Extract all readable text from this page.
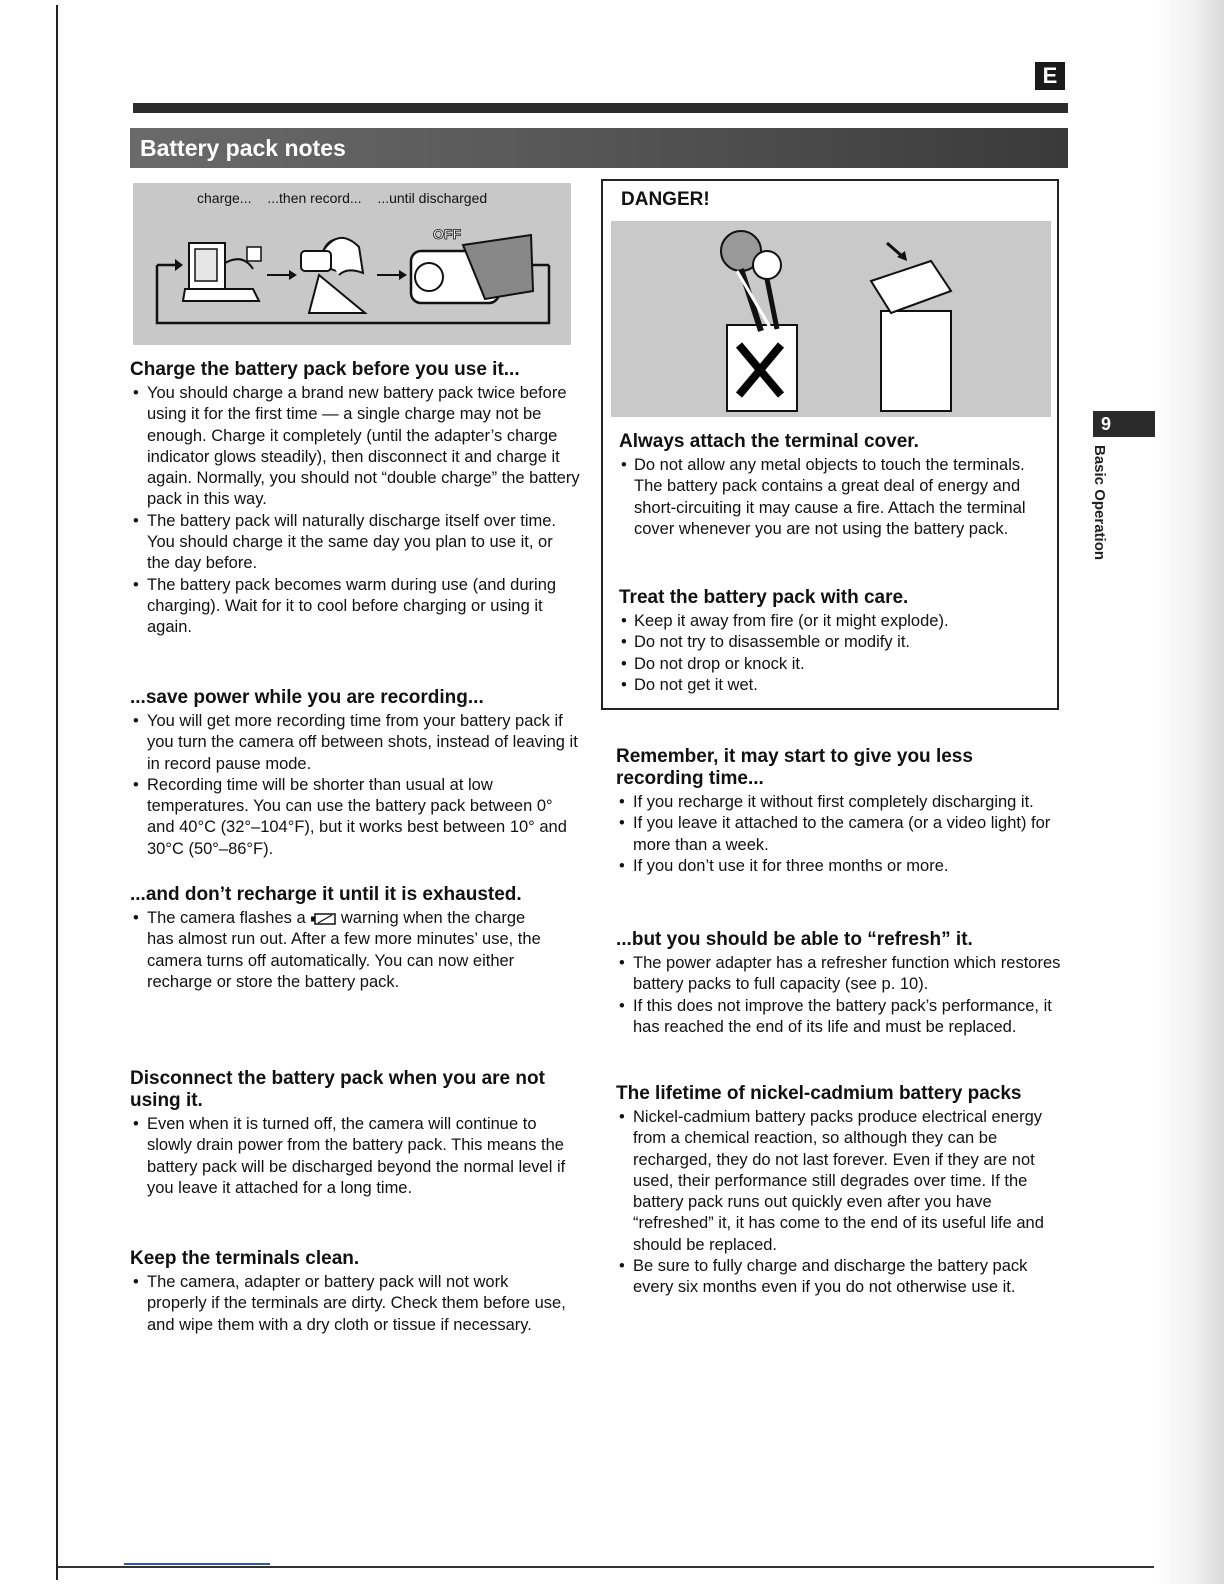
E
Battery pack notes
9
Basic Operation
charge... ...then record... ...until discharged
OFF
DANGER!
Always attach the terminal cover.
• Do not allow any metal objects to touch the terminals. The battery pack contains a great deal of energy and short-circuiting it may cause a fire. Attach the terminal cover whenever you are not using the battery pack.
Treat the battery pack with care.
• Keep it away from fire (or it might explode).
• Do not try to disassemble or modify it.
• Do not drop or knock it.
• Do not get it wet.
Charge the battery pack before you use it...
• You should charge a brand new battery pack twice before using it for the first time — a single charge may not be enough. Charge it completely (until the adapter’s charge indicator glows steadily), then disconnect it and charge it again. Normally, you should not “double charge” the battery pack in this way.
• The battery pack will naturally discharge itself over time. You should charge it the same day you plan to use it, or the day before.
• The battery pack becomes warm during use (and during charging). Wait for it to cool before charging or using it again.
...save power while you are recording...
• You will get more recording time from your battery pack if you turn the camera off between shots, instead of leaving it in record pause mode.
• Recording time will be shorter than usual at low temperatures. You can use the battery pack between 0° and 40°C (32°–104°F), but it works best between 10° and 30°C (50°–86°F).
...and don’t recharge it until it is exhausted.
• The camera flashes a warning when the charge has almost run out. After a few more minutes’ use, the camera turns off automatically. You can now either recharge or store the battery pack.
Disconnect the battery pack when you are not using it.
• Even when it is turned off, the camera will continue to slowly drain power from the battery pack. This means the battery pack will be discharged beyond the normal level if you leave it attached for a long time.
Keep the terminals clean.
• The camera, adapter or battery pack will not work properly if the terminals are dirty. Check them before use, and wipe them with a dry cloth or tissue if necessary.
Remember, it may start to give you less recording time...
• If you recharge it without first completely discharging it.
• If you leave it attached to the camera (or a video light) for more than a week.
• If you don’t use it for three months or more.
...but you should be able to “refresh” it.
• The power adapter has a refresher function which restores battery packs to full capacity (see p. 10).
• If this does not improve the battery pack’s performance, it has reached the end of its life and must be replaced.
The lifetime of nickel-cadmium battery packs
• Nickel-cadmium battery packs produce electrical energy from a chemical reaction, so although they can be recharged, they do not last forever. Even if they are not used, their performance still degrades over time. If the battery pack runs out quickly even after you have “refreshed” it, it has come to the end of its useful life and should be replaced.
• Be sure to fully charge and discharge the battery pack every six months even if you do not otherwise use it.
